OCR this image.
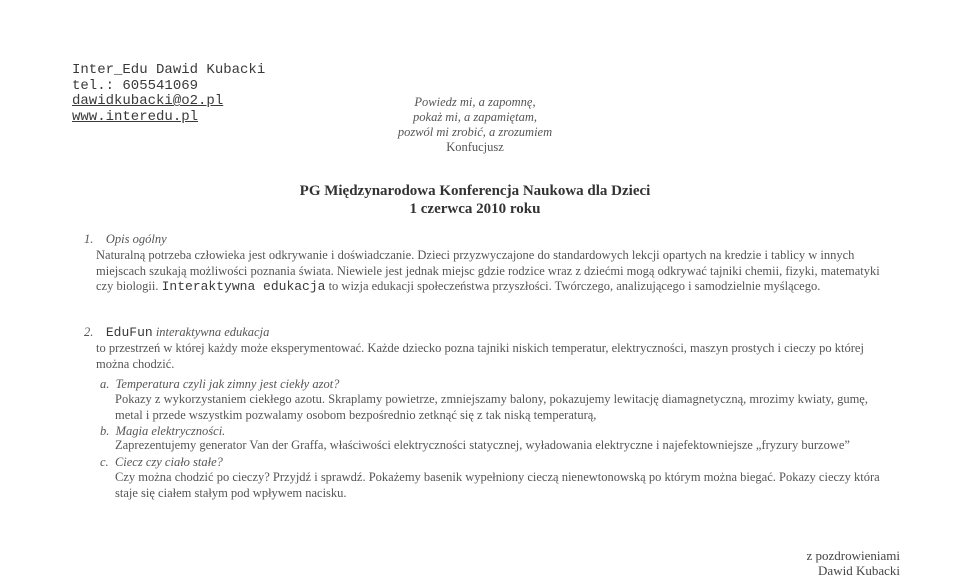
Inter_Edu Dawid Kubacki
tel.: 605541069
dawidkubacki@o2.pl
www.interedu.pl
Powiedz mi, a zapomnę,
pokaż mi, a zapamiętam,
pozwól mi zrobić, a zrozumiem
Konfucjusz
PG Międzynarodowa Konferencja Naukowa dla Dzieci
1 czerwca 2010 roku
1. Opis ogólny
Naturalną potrzeba człowieka jest odkrywanie i doświadczanie. Dzieci przyzwyczajone do standardowych lekcji opartych na kredzie i tablicy w innych miejscach szukają możliwości poznania świata. Niewiele jest jednak miejsc gdzie rodzice wraz z dziećmi mogą odkrywać tajniki chemii, fizyki, matematyki czy biologii. Interaktywna edukacja to wizja edukacji społeczeństwa przyszłości. Twórczego, analizującego i samodzielnie myślącego.
2. EduFun interaktywna edukacja
to przestrzeń w której każdy może eksperymentować. Każde dziecko pozna tajniki niskich temperatur, elektryczności, maszyn prostych i cieczy po której można chodzić.
a. Temperatura czyli jak zimny jest ciekły azot?
Pokazy z wykorzystaniem ciekłego azotu. Skraplamy powietrze, zmniejszamy balony, pokazujemy lewitację diamagnetyczną, mrozimy kwiaty, gumę, metal i przede wszystkim pozwalamy osobom bezpośrednio zetknąć się z tak niską temperaturą,
b. Magia elektryczności.
Zaprezentujemy generator Van der Graffa, właściwości elektryczności statycznej, wyładowania elektryczne i najefektowniejsze „fryzury burzowe”
c. Ciecz czy ciało stałe?
Czy można chodzić po cieczy? Przyjdź i sprawdź. Pokażemy basenik wypełniony cieczą nienewtonowską po którym można biegać. Pokazy cieczy która staje się ciałem stałym pod wpływem nacisku.
z pozdrowieniami
Dawid Kubacki
